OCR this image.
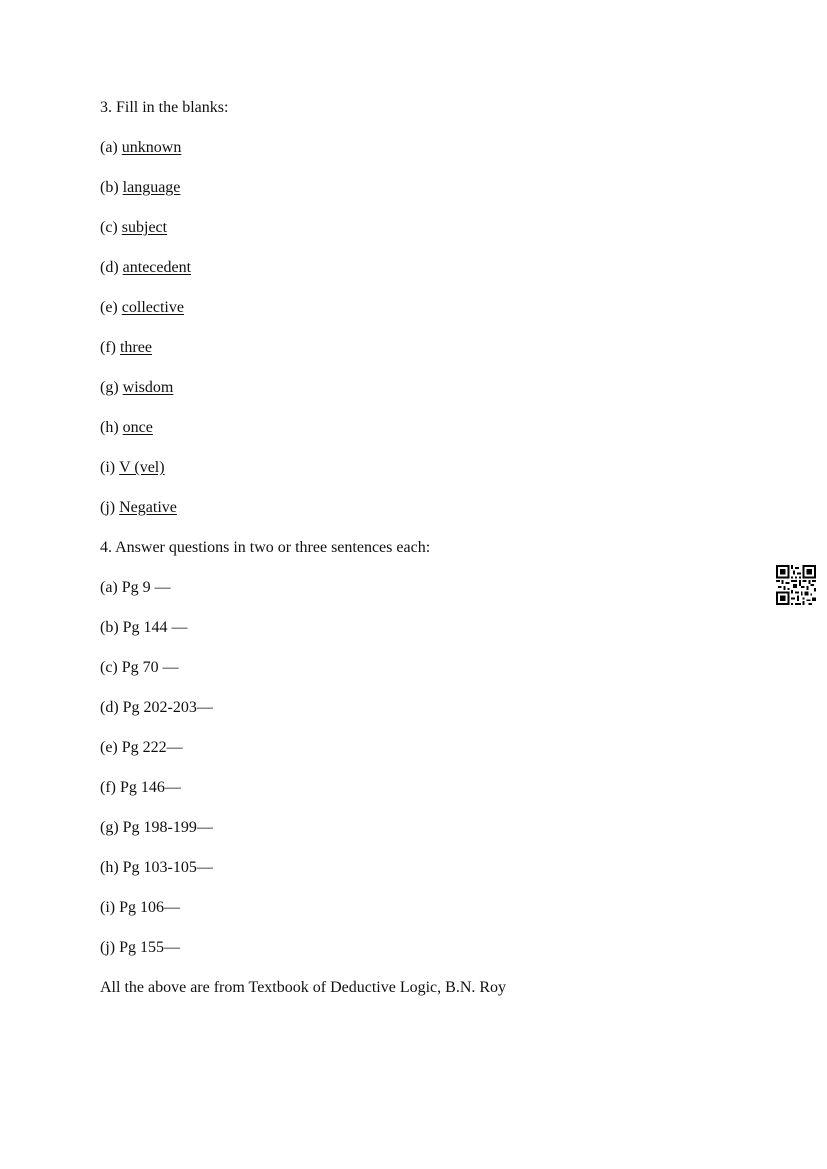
3. Fill in the blanks:
(a) unknown
(b) language
(c) subject
(d) antecedent
(e) collective
(f) three
(g) wisdom
(h) once
(i) V (vel)
(j) Negative
4. Answer questions in two or three sentences each:
(a) Pg 9 —
(b) Pg 144 —
(c) Pg 70 —
(d) Pg 202-203—
(e) Pg 222—
(f) Pg 146—
(g) Pg 198-199—
(h) Pg 103-105—
(i) Pg 106—
(j) Pg 155—
All the above are from Textbook of Deductive Logic, B.N. Roy
